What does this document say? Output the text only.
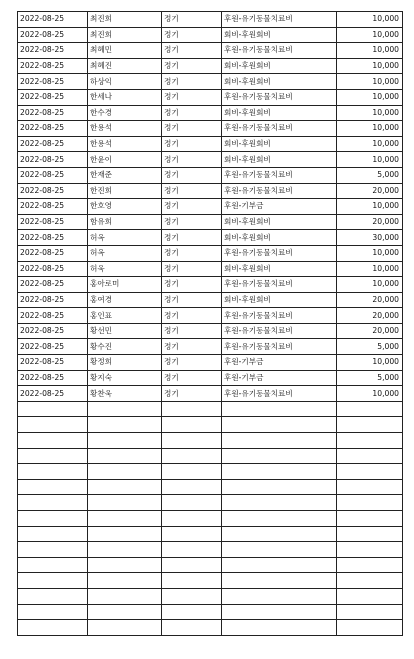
2022-08-25	최진희	정기	후원-유기동물치료비	10,000
2022-08-25	최진희	정기	회비-후원회비	10,000
2022-08-25	최혜민	정기	후원-유기동물치료비	10,000
2022-08-25	최혜진	정기	회비-후원회비	10,000
2022-08-25	하상익	정기	회비-후원회비	10,000
2022-08-25	한세나	정기	후원-유기동물치료비	10,000
2022-08-25	한수경	정기	회비-후원회비	10,000
2022-08-25	한용석	정기	후원-유기동물치료비	10,000
2022-08-25	한용석	정기	회비-후원회비	10,000
2022-08-25	한윤이	정기	회비-후원회비	10,000
2022-08-25	한재준	정기	후원-유기동물치료비	5,000
2022-08-25	한진희	정기	후원-유기동물치료비	20,000
2022-08-25	한호영	정기	후원-기부금	10,000
2022-08-25	함유희	정기	회비-후원회비	20,000
2022-08-25	허옥	정기	회비-후원회비	30,000
2022-08-25	허옥	정기	후원-유기동물치료비	10,000
2022-08-25	허욱	정기	회비-후원회비	10,000
2022-08-25	홍아로미	정기	후원-유기동물치료비	10,000
2022-08-25	홍여경	정기	회비-후원회비	20,000
2022-08-25	홍인표	정기	후원-유기동물치료비	20,000
2022-08-25	황선민	정기	후원-유기동물치료비	20,000
2022-08-25	황수진	정기	후원-유기동물치료비	5,000
2022-08-25	황정희	정기	후원-기부금	10,000
2022-08-25	황지숙	정기	후원-기부금	5,000
2022-08-25	황찬욱	정기	후원-유기동물치료비	10,000
